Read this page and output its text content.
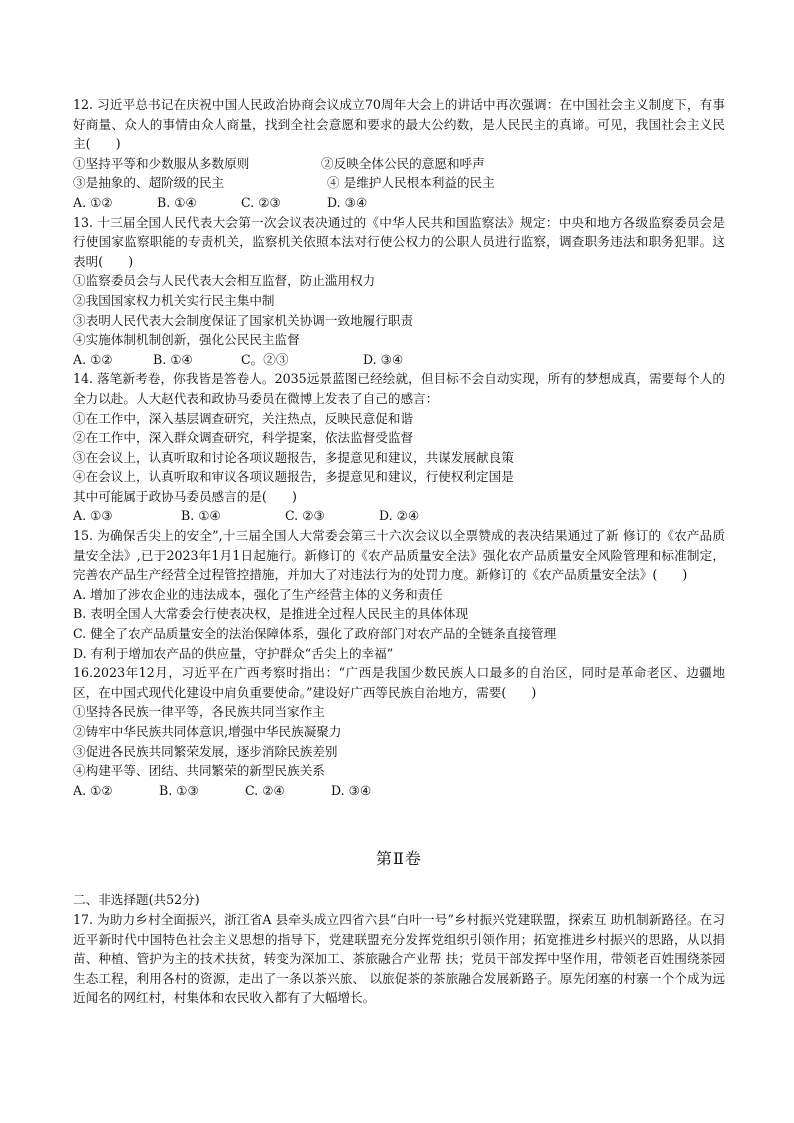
12. 习近平总书记在庆祝中国人民政治协商会议成立70周年大会上的讲话中再次强调：在中国社会主义制度下，有事好商量、众人的事情由众人商量，找到全社会意愿和要求的最大公约数，是人民民主的真谛。可见，我国社会主义民主(　　)
①坚持平等和少数服从多数原则	②反映全体公民的意愿和呼声
③是抽象的、超阶级的民主	④ 是维护人民根本利益的民主
A. ①②	B. ①④	C. ②③	D. ③④
13. 十三届全国人民代表大会第一次会议表决通过的《中华人民共和国监察法》规定：中央和地方各级监察委员会是行使国家监察职能的专责机关，监察机关依照本法对行使公权力的公职人员进行监察，调查职务违法和职务犯罪。这表明(　　)
①监察委员会与人民代表大会相互监督，防止滥用权力
②我国国家权力机关实行民主集中制
③表明人民代表大会制度保证了国家机关协调一致地履行职责
④实施体制机制创新，强化公民民主监督
A. ①②	B. ①④	C。②③	D. ③④
14. 落笔新考卷，你我皆是答卷人。2035远景蓝图已经绘就，但目标不会自动实现，所有的梦想成真，需要每个人的全力以赴。人大赵代表和政协马委员在微博上发表了自己的感言：
①在工作中，深入基层调查研究，关注热点，反映民意促和谐
②在工作中，深入群众调查研究，科学提案，依法监督受监督
③在会议上，认真听取和讨论各项议题报告，多提意见和建议，共谋发展献良策
④在会议上，认真听取和审议各项议题报告，多提意见和建议，行使权利定国是
其中可能属于政协马委员感言的是(　　)
A. ①③	B. ①④	C. ②③	D. ②④
15. 为确保舌尖上的安全”,十三届全国人大常委会第三十六次会议以全票赞成的表决结果通过了新 修订的《农产品质量安全法》,已于2023年1月1日起施行。新修订的《农产品质量安全法》强化农产品质量安全风险管理和标准制定，完善农产品生产经营全过程管控措施，并加大了对违法行为的处罚力度。新修订的《农产品质量安全法》(　　)
A. 增加了涉农企业的违法成本，强化了生产经营主体的义务和责任
B. 表明全国人大常委会行使表决权，是推进全过程人民民主的具体体现
C. 健全了农产品质量安全的法治保障体系，强化了政府部门对农产品的全链条直接管理
D. 有利于增加农产品的供应量，守护群众“舌尖上的幸福”
16.2023年12月，习近平在广西考察时指出：“广西是我国少数民族人口最多的自治区，同时是革命老区、边疆地区，在中国式现代化建设中肩负重要使命。”建设好广西等民族自治地方，需要(　　)
①坚持各民族一律平等，各民族共同当家作主
②铸牢中华民族共同体意识,增强中华民族凝聚力
③促进各民族共同繁荣发展，逐步消除民族差别
④构建平等、团结、共同繁荣的新型民族关系
A. ①②	B. ①③	C. ②④	D. ③④
第Ⅱ卷
二、非选择题(共52分)
17. 为助力乡村全面振兴，浙江省A 县牵头成立四省六县“白叶一号”乡村振兴党建联盟，探索互 助机制新路径。在习近平新时代中国特色社会主义思想的指导下，党建联盟充分发挥党组织引领作用；拓宽推进乡村振兴的思路，从以捐苗、种植、管护为主的技术扶贫，转变为深加工、茶旅融合产业帮 扶；党员干部发挥中坚作用，带领老百姓围绕茶园生态工程，利用各村的资源，走出了一条以茶兴旅、 以旅促茶的茶旅融合发展新路子。原先闭塞的村寨一个个成为远近闻名的网红村，村集体和农民收入都有了大幅增长。
